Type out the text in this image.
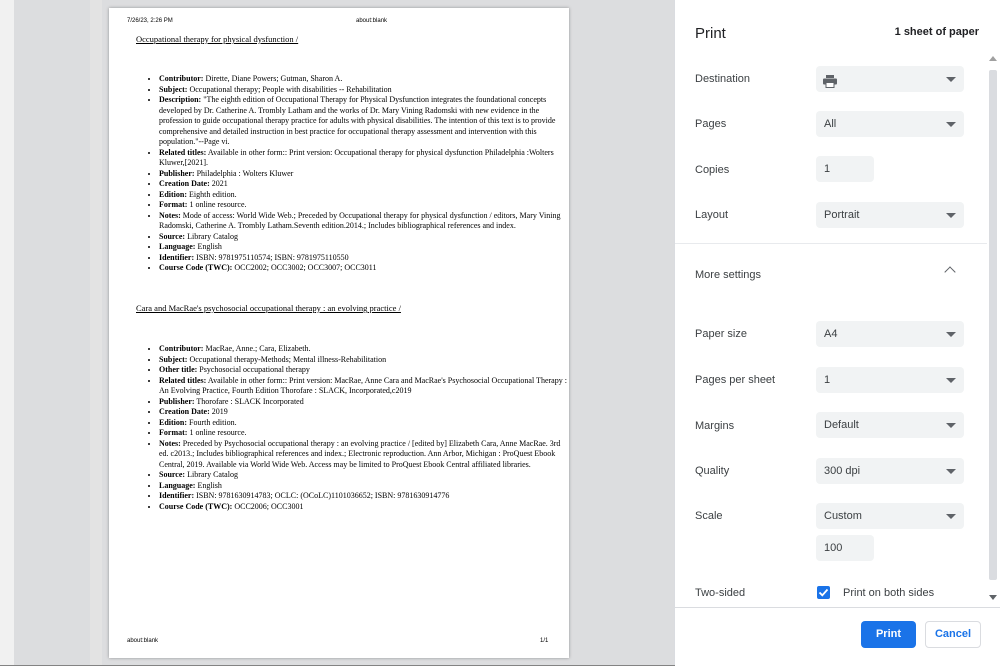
7/26/23, 2:26 PM	about:blank
Occupational therapy for physical dysfunction /
• Contributor: Dirette, Diane Powers; Gutman, Sharon A.
• Subject: Occupational therapy; People with disabilities -- Rehabilitation
• Description: "The eighth edition of Occupational Therapy for Physical Dysfunction integrates the foundational concepts developed by Dr. Catherine A. Trombly Latham and the works of Dr. Mary Vining Radomski with new evidence in the profession to guide occupational therapy practice for adults with physical disabilities. The intention of this text is to provide comprehensive and detailed instruction in best practice for occupational therapy assessment and intervention with this population."--Page vi.
• Related titles: Available in other form:: Print version: Occupational therapy for physical dysfunction Philadelphia :Wolters Kluwer,[2021].
• Publisher: Philadelphia : Wolters Kluwer
• Creation Date: 2021
• Edition: Eighth edition.
• Format: 1 online resource.
• Notes: Mode of access: World Wide Web.; Preceded by Occupational therapy for physical dysfunction / editors, Mary Vining Radomski, Catherine A. Trombly Latham.Seventh edition.2014.; Includes bibliographical references and index.
• Source: Library Catalog
• Language: English
• Identifier: ISBN: 9781975110574; ISBN: 9781975110550
• Course Code (TWC): OCC2002; OCC3002; OCC3007; OCC3011
Cara and MacRae's psychosocial occupational therapy : an evolving practice /
• Contributor: MacRae, Anne.; Cara, Elizabeth.
• Subject: Occupational therapy-Methods; Mental illness-Rehabilitation
• Other title: Psychosocial occupational therapy
• Related titles: Available in other form:: Print version: MacRae, Anne Cara and MacRae's Psychosocial Occupational Therapy : An Evolving Practice, Fourth Edition Thorofare : SLACK, Incorporated,c2019
• Publisher: Thorofare : SLACK Incorporated
• Creation Date: 2019
• Edition: Fourth edition.
• Format: 1 online resource.
• Notes: Preceded by Psychosocial occupational therapy : an evolving practice / [edited by] Elizabeth Cara, Anne MacRae. 3rd ed. c2013.; Includes bibliographical references and index.; Electronic reproduction. Ann Arbor, Michigan : ProQuest Ebook Central, 2019. Available via World Wide Web. Access may be limited to ProQuest Ebook Central affiliated libraries.
• Source: Library Catalog
• Language: English
• Identifier: ISBN: 9781630914783; OCLC: (OCoLC)1101036652; ISBN: 9781630914776
• Course Code (TWC): OCC2006; OCC3001
about:blank	1/1
Print	1 sheet of paper
Destination
Pages	All
Copies	1
Layout	Portrait
More settings
Paper size	A4
Pages per sheet	1
Margins	Default
Quality	300 dpi
Scale	Custom
100
Two-sided	Print on both sides
Print	Cancel
